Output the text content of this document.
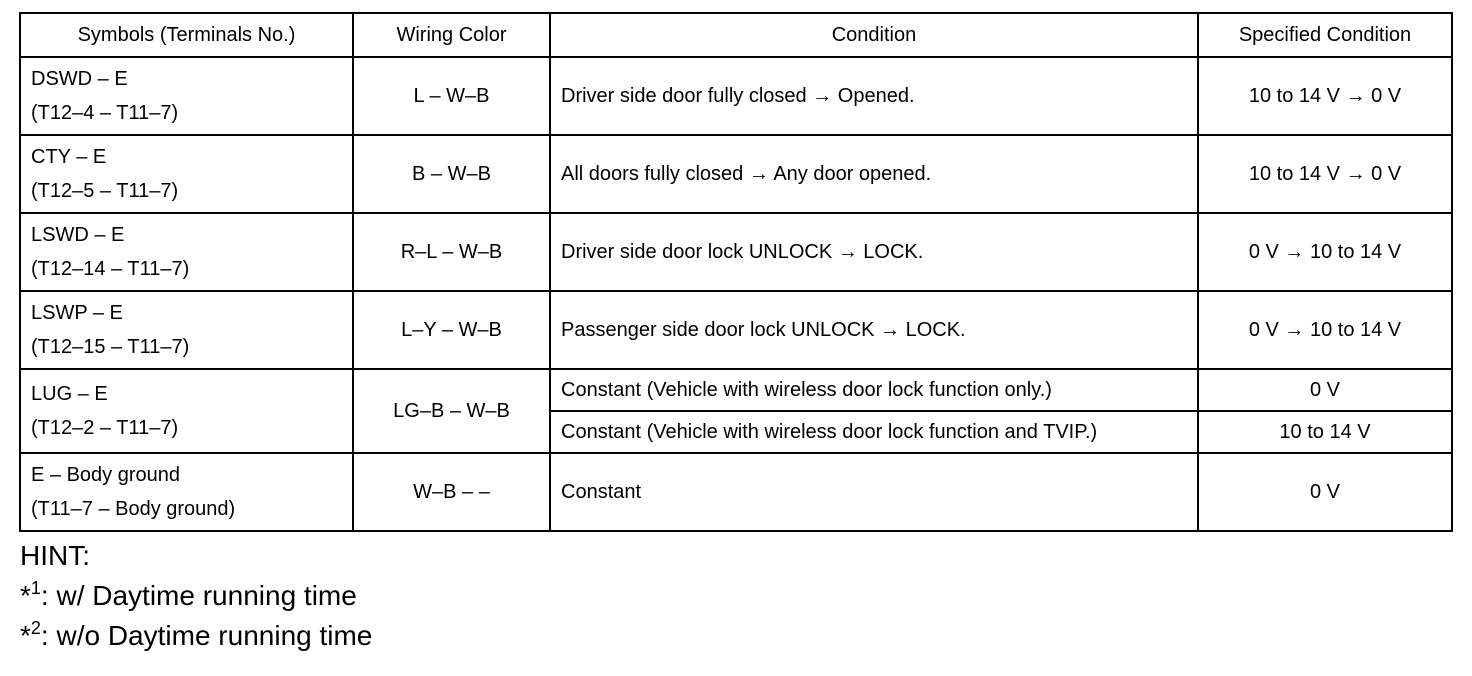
Symbols (Terminals No.)	Wiring Color	Condition	Specified Condition

DSWD – E
(T12–4 – T11–7)	L – W–B	Driver side door fully closed → Opened.	10 to 14 V → 0 V

CTY – E
(T12–5 – T11–7)	B – W–B	All doors fully closed → Any door opened.	10 to 14 V → 0 V

LSWD – E
(T12–14 – T11–7)	R–L – W–B	Driver side door lock UNLOCK → LOCK.	0 V → 10 to 14 V

LSWP – E
(T12–15 – T11–7)	L–Y – W–B	Passenger side door lock UNLOCK → LOCK.	0 V → 10 to 14 V

LUG – E
(T12–2 – T11–7)	LG–B – W–B	Constant (Vehicle with wireless door lock function only.)	0 V
		Constant (Vehicle with wireless door lock function and TVIP.)	10 to 14 V

E – Body ground
(T11–7 – Body ground)	W–B – –	Constant	0 V
HINT:
*$^1$: w/ Daytime running time
*$^2$: w/o Daytime running time
